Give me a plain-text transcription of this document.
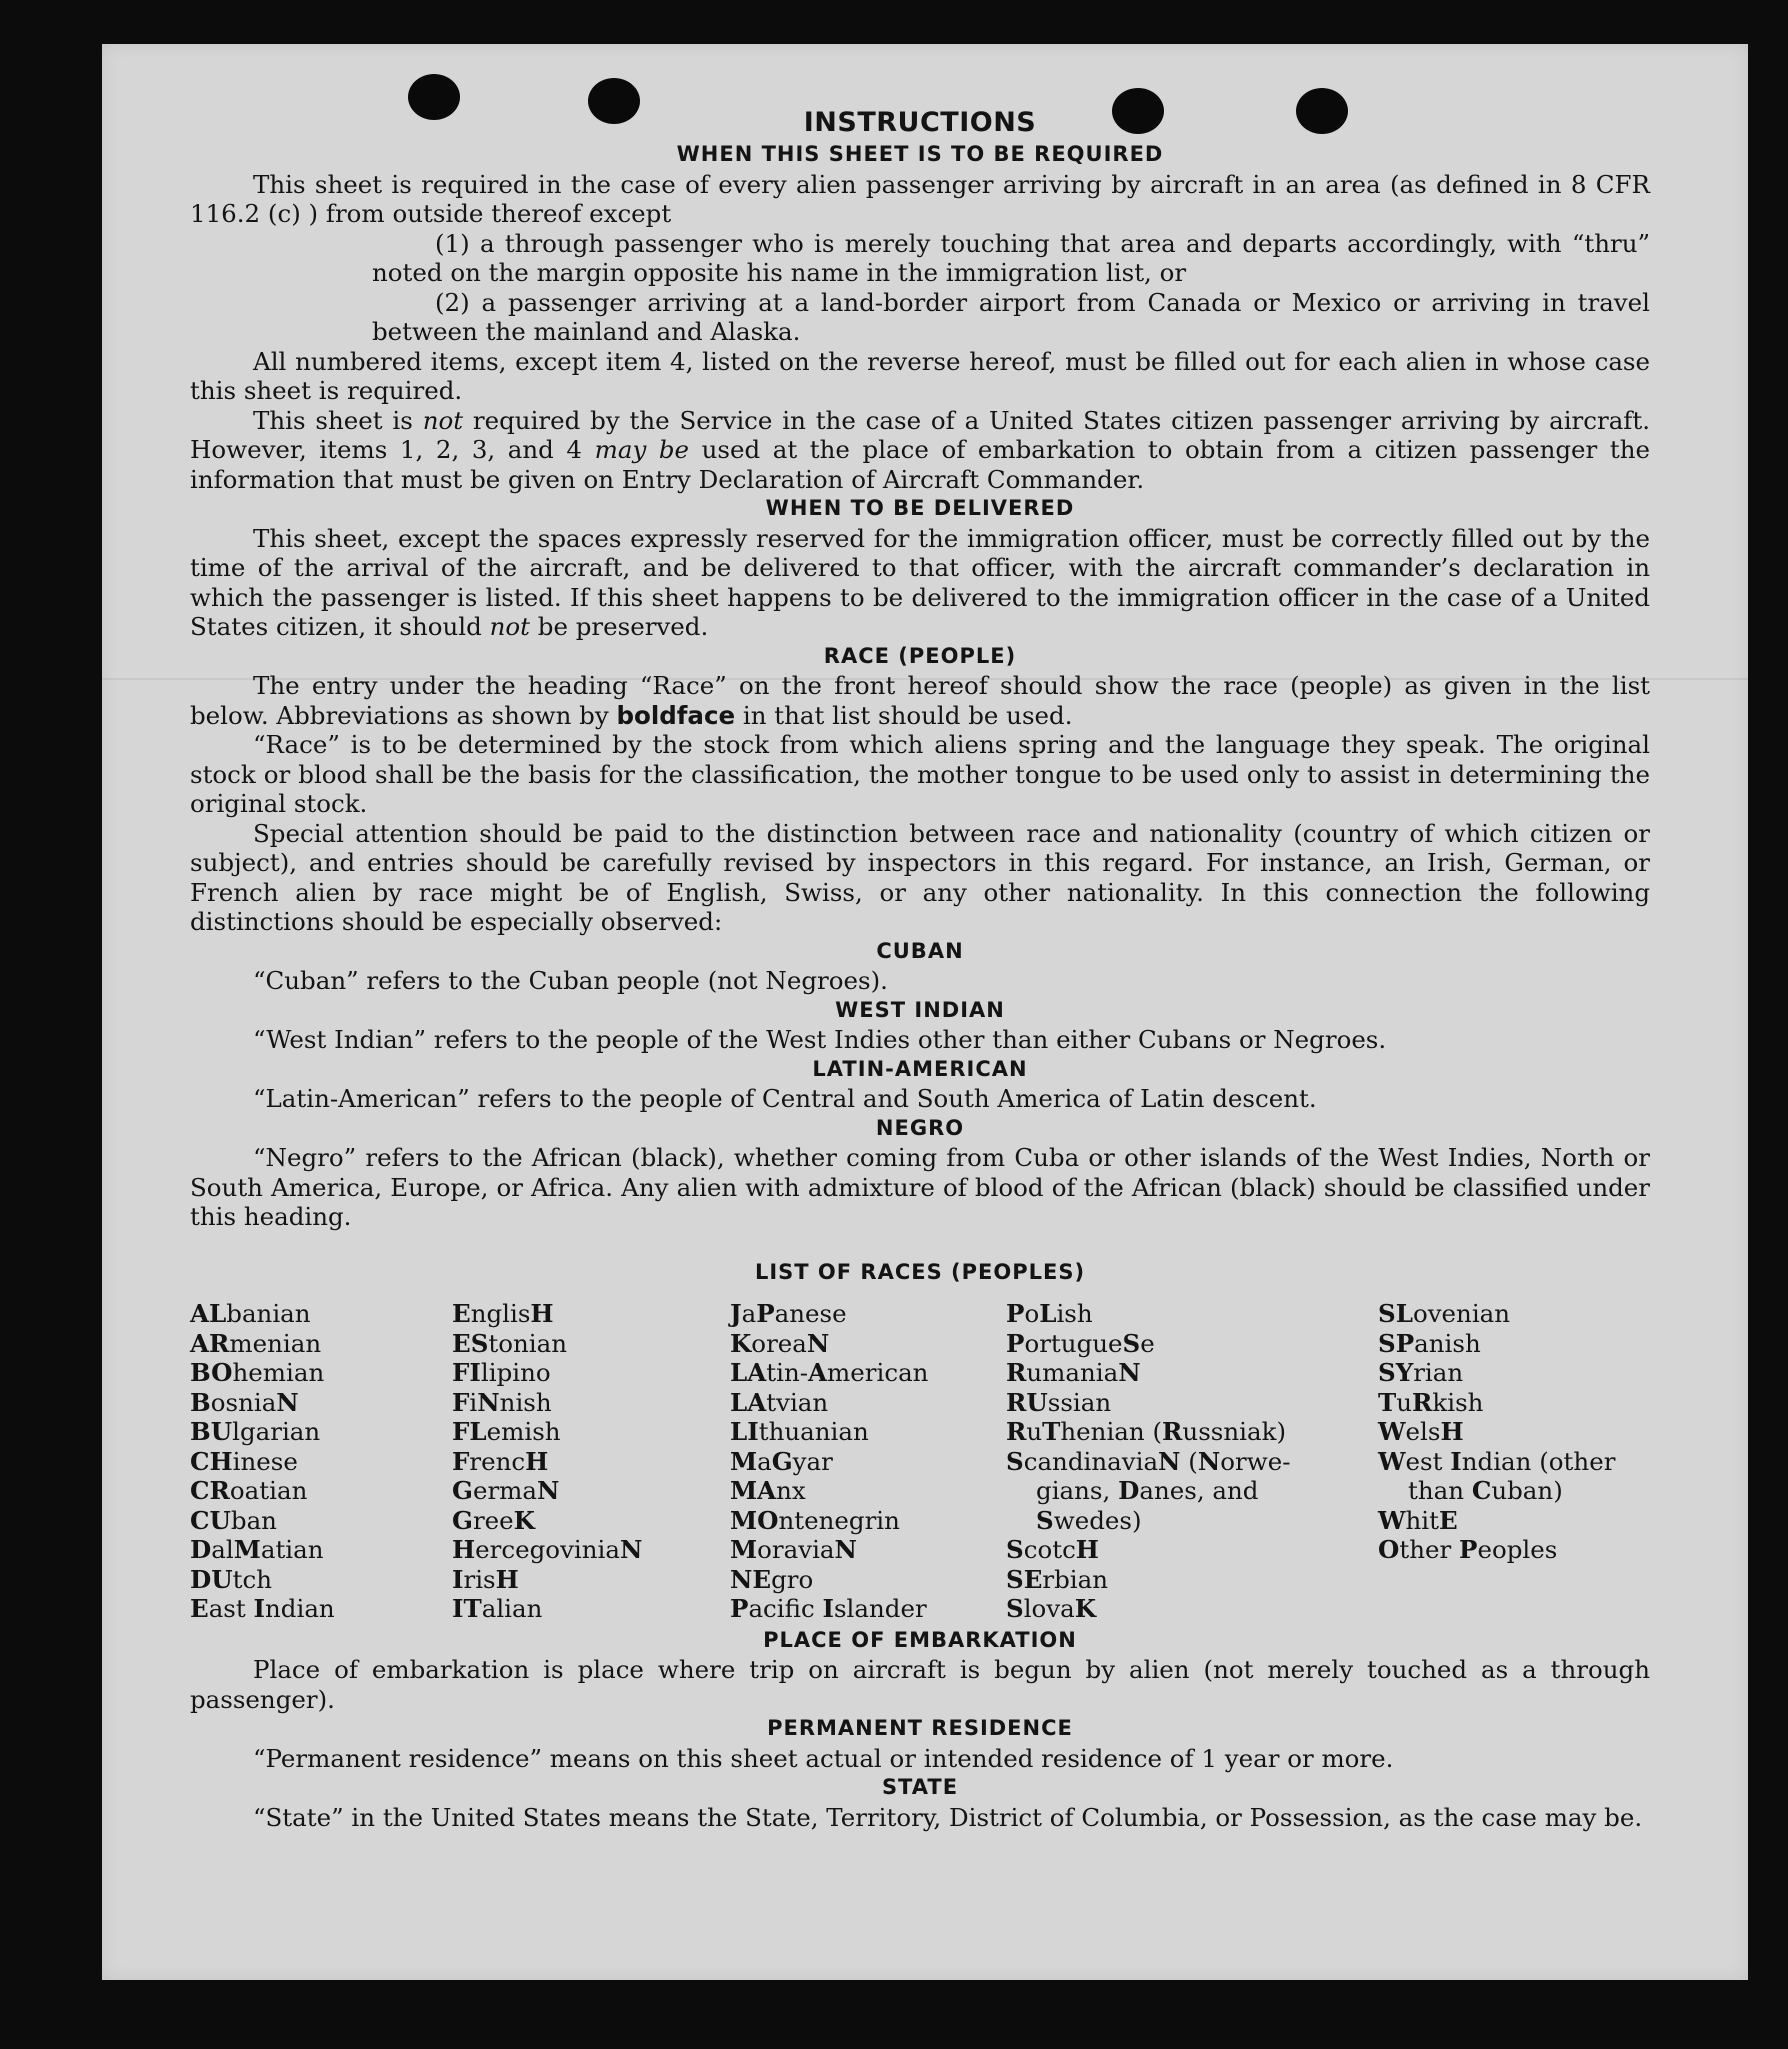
INSTRUCTIONS
WHEN THIS SHEET IS TO BE REQUIRED

This sheet is required in the case of every alien passenger arriving by aircraft in an area (as defined in 8 CFR 116.2 (c) ) from outside thereof except

(1) a through passenger who is merely touching that area and departs accordingly, with “thru” noted on the margin opposite his name in the immigration list, or

(2) a passenger arriving at a land-border airport from Canada or Mexico or arriving in travel between the mainland and Alaska.

All numbered items, except item 4, listed on the reverse hereof, must be filled out for each alien in whose case this sheet is required.

This sheet is not required by the Service in the case of a United States citizen passenger arriving by aircraft. However, items 1, 2, 3, and 4 may be used at the place of embarkation to obtain from a citizen passenger the information that must be given on Entry Declaration of Aircraft Commander.

WHEN TO BE DELIVERED

This sheet, except the spaces expressly reserved for the immigration officer, must be correctly filled out by the time of the arrival of the aircraft, and be delivered to that officer, with the aircraft commander’s declaration in which the passenger is listed. If this sheet happens to be delivered to the immigration officer in the case of a United States citizen, it should not be preserved.

RACE (PEOPLE)

The entry under the heading “Race” on the front hereof should show the race (people) as given in the list below. Abbreviations as shown by boldface in that list should be used.

“Race” is to be determined by the stock from which aliens spring and the language they speak. The original stock or blood shall be the basis for the classification, the mother tongue to be used only to assist in determining the original stock.

Special attention should be paid to the distinction between race and nationality (country of which citizen or subject), and entries should be carefully revised by inspectors in this regard. For instance, an Irish, German, or French alien by race might be of English, Swiss, or any other nationality. In this connection the following distinctions should be especially observed:

CUBAN

“Cuban” refers to the Cuban people (not Negroes).

WEST INDIAN

“West Indian” refers to the people of the West Indies other than either Cubans or Negroes.

LATIN-AMERICAN

“Latin-American” refers to the people of Central and South America of Latin descent.

NEGRO

“Negro” refers to the African (black), whether coming from Cuba or other islands of the West Indies, North or South America, Europe, or Africa. Any alien with admixture of blood of the African (black) should be classified under this heading.

LIST OF RACES (PEOPLES)
ALbanian
ARmenian
BOhemian
BosniaN
BUlgarian
CHinese
CRoatian
CUban
DalMatian
DUtch
East Indian
EnglisH
EStonian
FIlipino
FiNnish
FLemish
FrencH
GermaN
GreeK
HercegoviniaN
IrisH
ITalian
JaPanese
KoreaN
LAtin-American
LAtvian
LIthuanian
MaGyar
MAnx
MOntenegrin
MoraviaN
NEgro
Pacifc Islander
PoLish
PortugueSe
RumaniaN
RUssian
RuThenian (Russniak)
ScandinaviaN (Norwe-
gians, Danes, and
Swedes)
ScotcH
SErbian
SlovaK
SLovenian
SPanish
SYrian
TuRkish
WelsH
West Indian (other
than Cuban)
WhitE
Other Peoples
PLACE OF EMBARKATION

Place of embarkation is place where trip on aircraft is begun by alien (not merely touched as a through passenger).

PERMANENT RESIDENCE

“Permanent residence” means on this sheet actual or intended residence of 1 year or more.

STATE

“State” in the United States means the State, Territory, District of Columbia, or Possession, as the case may be.
